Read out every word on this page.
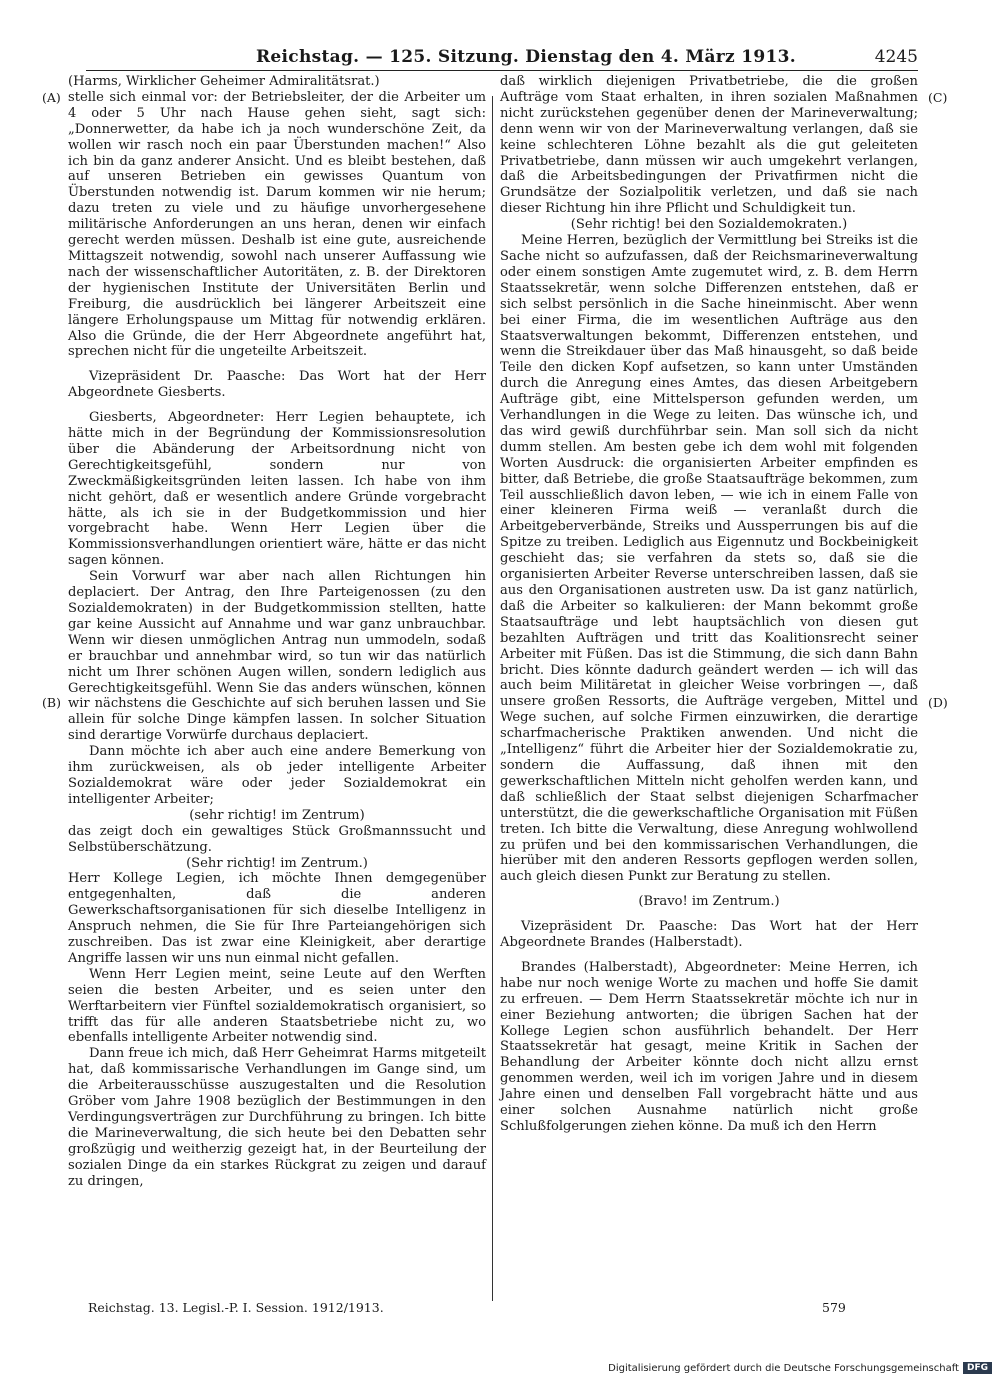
Reichstag. — 125. Sitzung. Dienstag den 4. März 1913.	4245
(A)
(B)
(C)
(D)

(Harms, Wirklicher Geheimer Admiralitätsrat.)

stelle sich einmal vor: der Betriebsleiter, der die Arbeiter um 4 oder 5 Uhr nach Hause gehen sieht, sagt sich: „Donnerwetter, da habe ich ja noch wunderschöne Zeit, da wollen wir rasch noch ein paar Überstunden machen!“ Also ich bin da ganz anderer Ansicht. Und es bleibt bestehen, daß auf unseren Betrieben ein gewisses Quantum von Überstunden notwendig ist. Darum kommen wir nie herum; dazu treten zu viele und zu häufige unvorhergesehene militärische Anforderungen an uns heran, denen wir einfach gerecht werden müssen. Deshalb ist eine gute, ausreichende Mittagszeit notwendig, sowohl nach unserer Auffassung wie nach der wissenschaftlicher Autoritäten, z. B. der Direktoren der hygienischen Institute der Universitäten Berlin und Freiburg, die ausdrücklich bei längerer Arbeitszeit eine längere Erholungspause um Mittag für notwendig erklären. Also die Gründe, die der Herr Abgeordnete angeführt hat, sprechen nicht für die ungeteilte Arbeitszeit.

Vizepräsident Dr. Paasche: Das Wort hat der Herr Abgeordnete Giesberts.

Giesberts, Abgeordneter: Herr Legien behauptete, ich hätte mich in der Begründung der Kommissionsresolution über die Abänderung der Arbeitsordnung nicht von Gerechtigkeitsgefühl, sondern nur von Zweckmäßigkeitsgründen leiten lassen. Ich habe von ihm nicht gehört, daß er wesentlich andere Gründe vorgebracht hätte, als ich sie in der Budgetkommission und hier vorgebracht habe. Wenn Herr Legien über die Kommissionsverhandlungen orientiert wäre, hätte er das nicht sagen können.

Sein Vorwurf war aber nach allen Richtungen hin deplaciert. Der Antrag, den Ihre Parteigenossen (zu den Sozialdemokraten) in der Budgetkommission stellten, hatte gar keine Aussicht auf Annahme und war ganz unbrauchbar. Wenn wir diesen unmöglichen Antrag nun ummodeln, sodaß er brauchbar und annehmbar wird, so tun wir das natürlich nicht um Ihrer schönen Augen willen, sondern lediglich aus Gerechtigkeitsgefühl. Wenn Sie das anders wünschen, können wir nächstens die Geschichte auf sich beruhen lassen und Sie allein für solche Dinge kämpfen lassen. In solcher Situation sind derartige Vorwürfe durchaus deplaciert.

Dann möchte ich aber auch eine andere Bemerkung von ihm zurückweisen, als ob jeder intelligente Arbeiter Sozialdemokrat wäre oder jeder Sozialdemokrat ein intelligenter Arbeiter;

(sehr richtig! im Zentrum)

das zeigt doch ein gewaltiges Stück Großmannssucht und Selbstüberschätzung.

(Sehr richtig! im Zentrum.)

Herr Kollege Legien, ich möchte Ihnen demgegenüber entgegenhalten, daß die anderen Gewerkschaftsorganisationen für sich dieselbe Intelligenz in Anspruch nehmen, die Sie für Ihre Parteiangehörigen sich zuschreiben. Das ist zwar eine Kleinigkeit, aber derartige Angriffe lassen wir uns nun einmal nicht gefallen.

Wenn Herr Legien meint, seine Leute auf den Werften seien die besten Arbeiter, und es seien unter den Werftarbeitern vier Fünftel sozialdemokratisch organisiert, so trifft das für alle anderen Staatsbetriebe nicht zu, wo ebenfalls intelligente Arbeiter notwendig sind.

Dann freue ich mich, daß Herr Geheimrat Harms mitgeteilt hat, daß kommissarische Verhandlungen im Gange sind, um die Arbeiterausschüsse auszugestalten und die Resolution Gröber vom Jahre 1908 bezüglich der Bestimmungen in den Verdingungsverträgen zur Durchführung zu bringen. Ich bitte die Marineverwaltung, die sich heute bei den Debatten sehr großzügig und weitherzig gezeigt hat, in der Beurteilung der sozialen Dinge da ein starkes Rückgrat zu zeigen und darauf zu dringen,

daß wirklich diejenigen Privatbetriebe, die die großen Aufträge vom Staat erhalten, in ihren sozialen Maßnahmen nicht zurückstehen gegenüber denen der Marineverwaltung; denn wenn wir von der Marineverwaltung verlangen, daß sie keine schlechteren Löhne bezahlt als die gut geleiteten Privatbetriebe, dann müssen wir auch umgekehrt verlangen, daß die Arbeitsbedingungen der Privatfirmen nicht die Grundsätze der Sozialpolitik verletzen, und daß sie nach dieser Richtung hin ihre Pflicht und Schuldigkeit tun.

(Sehr richtig! bei den Sozialdemokraten.)

Meine Herren, bezüglich der Vermittlung bei Streiks ist die Sache nicht so aufzufassen, daß der Reichsmarineverwaltung oder einem sonstigen Amte zugemutet wird, z. B. dem Herrn Staatssekretär, wenn solche Differenzen entstehen, daß er sich selbst persönlich in die Sache hineinmischt. Aber wenn bei einer Firma, die im wesentlichen Aufträge aus den Staatsverwaltungen bekommt, Differenzen entstehen, und wenn die Streikdauer über das Maß hinausgeht, so daß beide Teile den dicken Kopf aufsetzen, so kann unter Umständen durch die Anregung eines Amtes, das diesen Arbeitgebern Aufträge gibt, eine Mittelsperson gefunden werden, um Verhandlungen in die Wege zu leiten. Das wünsche ich, und das wird gewiß durchführbar sein. Man soll sich da nicht dumm stellen. Am besten gebe ich dem wohl mit folgenden Worten Ausdruck: die organisierten Arbeiter empfinden es bitter, daß Betriebe, die große Staatsaufträge bekommen, zum Teil ausschließlich davon leben, — wie ich in einem Falle von einer kleineren Firma weiß — veranlaßt durch die Arbeitgeberverbände, Streiks und Aussperrungen bis auf die Spitze zu treiben. Lediglich aus Eigennutz und Bockbeinigkeit geschieht das; sie verfahren da stets so, daß sie die organisierten Arbeiter Reverse unterschreiben lassen, daß sie aus den Organisationen austreten usw. Da ist ganz natürlich, daß die Arbeiter so kalkulieren: der Mann bekommt große Staatsaufträge und lebt hauptsächlich von diesen gut bezahlten Aufträgen und tritt das Koalitionsrecht seiner Arbeiter mit Füßen. Das ist die Stimmung, die sich dann Bahn bricht. Dies könnte dadurch geändert werden — ich will das auch beim Militäretat in gleicher Weise vorbringen —, daß unsere großen Ressorts, die Aufträge vergeben, Mittel und Wege suchen, auf solche Firmen einzuwirken, die derartige scharfmacherische Praktiken anwenden. Und nicht die „Intelligenz“ führt die Arbeiter hier der Sozialdemokratie zu, sondern die Auffassung, daß ihnen mit den gewerkschaftlichen Mitteln nicht geholfen werden kann, und daß schließlich der Staat selbst diejenigen Scharfmacher unterstützt, die die gewerkschaftliche Organisation mit Füßen treten. Ich bitte die Verwaltung, diese Anregung wohlwollend zu prüfen und bei den kommissarischen Verhandlungen, die hierüber mit den anderen Ressorts gepflogen werden sollen, auch gleich diesen Punkt zur Beratung zu stellen.

(Bravo! im Zentrum.)

Vizepräsident Dr. Paasche: Das Wort hat der Herr Abgeordnete Brandes (Halberstadt).

Brandes (Halberstadt), Abgeordneter: Meine Herren, ich habe nur noch wenige Worte zu machen und hoffe Sie damit zu erfreuen. — Dem Herrn Staatssekretär möchte ich nur in einer Beziehung antworten; die übrigen Sachen hat der Kollege Legien schon ausführlich behandelt. Der Herr Staatssekretär hat gesagt, meine Kritik in Sachen der Behandlung der Arbeiter könnte doch nicht allzu ernst genommen werden, weil ich im vorigen Jahre und in diesem Jahre einen und denselben Fall vorgebracht hätte und aus einer solchen Ausnahme natürlich nicht große Schlußfolgerungen ziehen könne. Da muß ich den Herrn

Reichstag. 13. Legisl.-P. I. Session. 1912/1913.	579
Digitalisierung gefördert durch die Deutsche Forschungsgemeinschaft DFG
